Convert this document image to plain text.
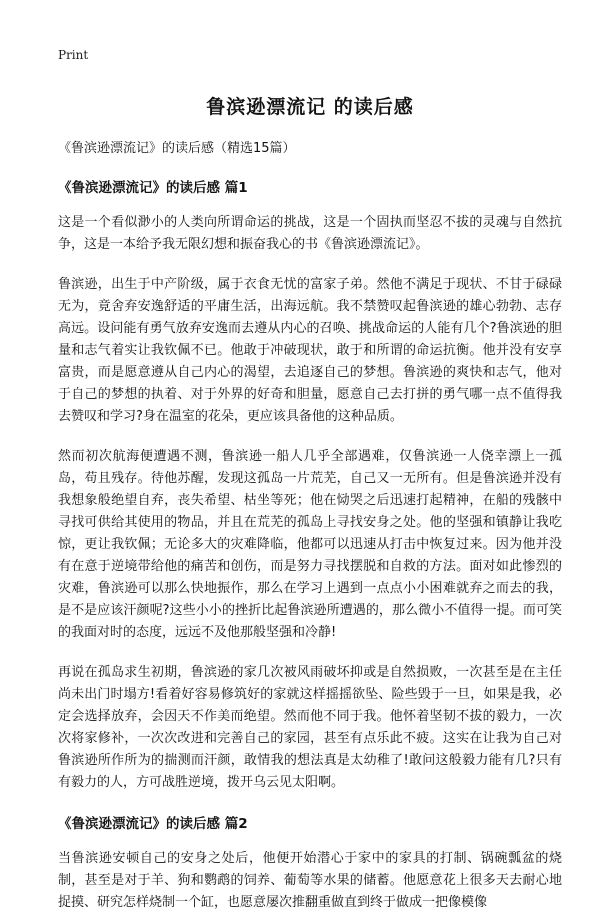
Print
鲁滨逊漂流记 的读后感
《鲁滨逊漂流记》的读后感（精选15篇）
《鲁滨逊漂流记》的读后感 篇1

这是一个看似渺小的人类向所谓命运的挑战，这是一个固执而坚忍不拔的灵魂与自然抗争，这是一本给予我无限幻想和振奋我心的书《鲁滨逊漂流记》。

鲁滨逊，出生于中产阶级，属于衣食无忧的富家子弟。然他不满足于现状、不甘于碌碌无为，竟舍弃安逸舒适的平庸生活，出海远航。我不禁赞叹起鲁滨逊的雄心勃勃、志存高远。设问能有勇气放弃安逸而去遵从内心的召唤、挑战命运的人能有几个?鲁滨逊的胆量和志气着实让我钦佩不已。他敢于冲破现状，敢于和所谓的命运抗衡。他并没有安享富贵，而是愿意遵从自己内心的渴望，去追逐自己的梦想。鲁滨逊的爽快和志气，他对于自己的梦想的执着、对于外界的好奇和胆量，愿意自己去打拼的勇气哪一点不值得我去赞叹和学习?身在温室的花朵，更应该具备他的这种品质。

然而初次航海便遭遇不测，鲁滨逊一船人几乎全部遇难，仅鲁滨逊一人侥幸漂上一孤岛，苟且残存。待他苏醒，发现这孤岛一片荒芜，自己又一无所有。但是鲁滨逊并没有我想象般绝望自弃，丧失希望、枯坐等死；他在恸哭之后迅速打起精神，在船的残骸中寻找可供给其使用的物品，并且在荒芜的孤岛上寻找安身之处。他的坚强和镇静让我吃惊，更让我钦佩；无论多大的灾难降临，他都可以迅速从打击中恢复过来。因为他并没有在意于逆境带给他的痛苦和创伤，而是努力寻找摆脱和自救的方法。面对如此惨烈的灾难，鲁滨逊可以那么快地振作，那么在学习上遇到一点点小小困难就弃之而去的我，是不是应该汗颜呢?这些小小的挫折比起鲁滨逊所遭遇的，那么微小不值得一提。而可笑的我面对时的态度，远远不及他那般坚强和冷静!

再说在孤岛求生初期，鲁滨逊的家几次被风雨破坏抑或是自然损败，一次甚至是在主任尚未出门时塌方!看着好容易修筑好的家就这样摇摇欲坠、险些毁于一旦，如果是我，必定会选择放弃，会因天不作美而绝望。然而他不同于我。他怀着坚韧不拔的毅力，一次次将家修补，一次次改进和完善自己的家园，甚至有点乐此不疲。这实在让我为自己对鲁滨逊所作所为的揣测而汗颜，敢情我的想法真是太幼稚了!敢问这般毅力能有几?只有有毅力的人，方可战胜逆境，拨开乌云见太阳啊。

《鲁滨逊漂流记》的读后感 篇2

当鲁滨逊安顿自己的安身之处后，他便开始潜心于家中的家具的打制、锅碗瓢盆的烧制，甚至是对于羊、狗和鹦鹉的饲养、葡萄等水果的储蓄。他愿意花上很多天去耐心地捉摸、研究怎样烧制一个缸，也愿意屡次推翻重做直到终于做成一把像模像
